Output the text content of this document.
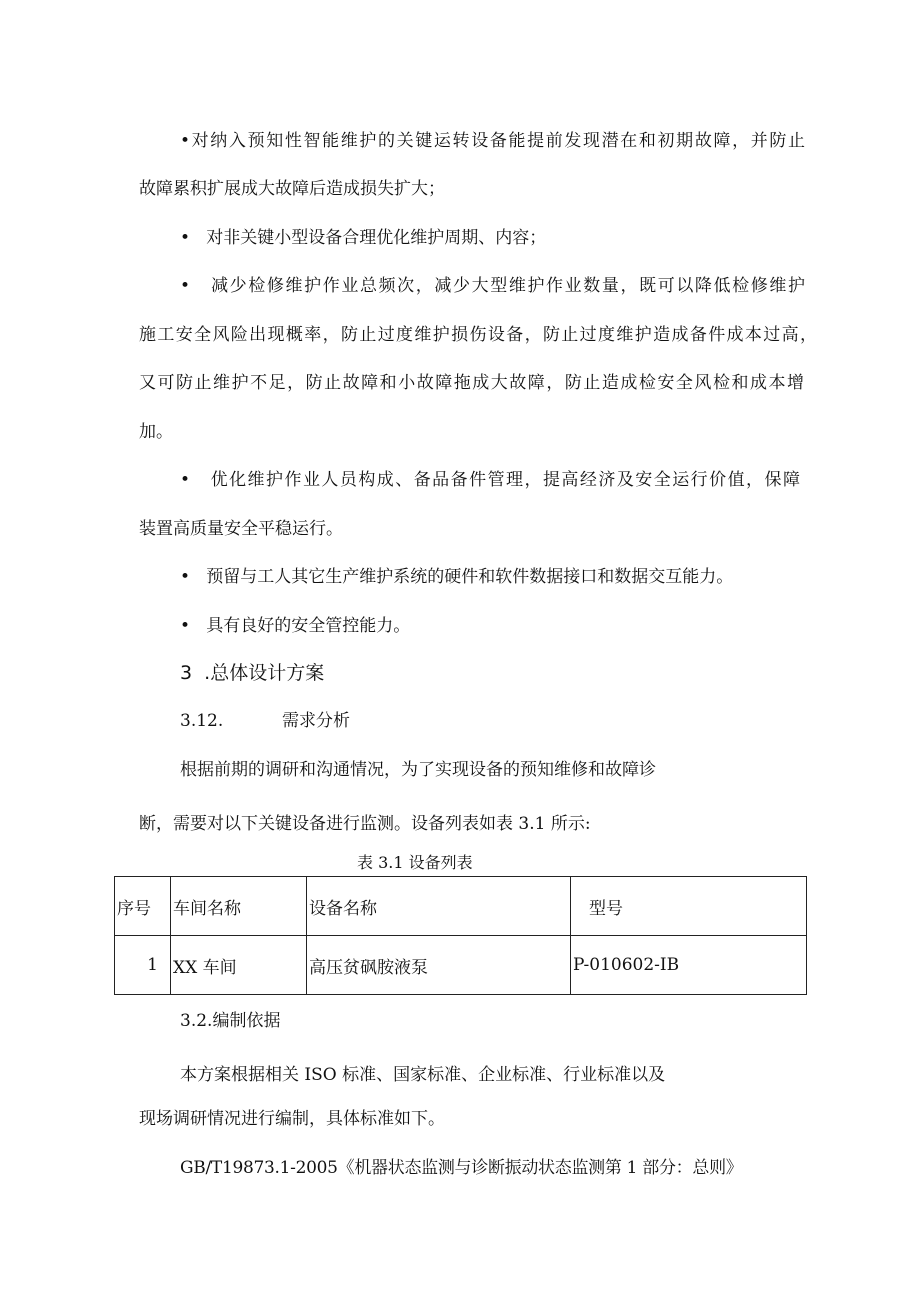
•对纳入预知性智能维护的关键运转设备能提前发现潜在和初期故障，并防止
故障累积扩展成大故障后造成损失扩大；
•   对非关键小型设备合理优化维护周期、内容；
•   减少检修维护作业总频次，减少大型维护作业数量，既可以降低检修维护
施工安全风险出现概率，防止过度维护损伤设备，防止过度维护造成备件成本过高，
又可防止维护不足，防止故障和小故障拖成大故障，防止造成检安全风检和成本增
加。
•   优化维护作业人员构成、备品备件管理，提高经济及安全运行价值，保障
装置高质量安全平稳运行。
•   预留与工人其它生产维护系统的硬件和软件数据接口和数据交互能力。
•   具有良好的安全管控能力。
3  .总体设计方案
3.12.	需求分析
根据前期的调研和沟通情况，为了实现设备的预知维修和故障诊
断，需要对以下关键设备进行监测。设备列表如表 3.1 所示:
表 3.1 设备列表
序号	车间名称	设备名称	型号
1	XX 车间	高压贫砜胺液泵	P-010602-IB
3.2.编制依据
本方案根据相关 ISO 标准、国家标准、企业标准、行业标准以及
现场调研情况进行编制，具体标准如下。
GB/T19873.1-2005《机器状态监测与诊断振动状态监测第 1 部分：总则》
